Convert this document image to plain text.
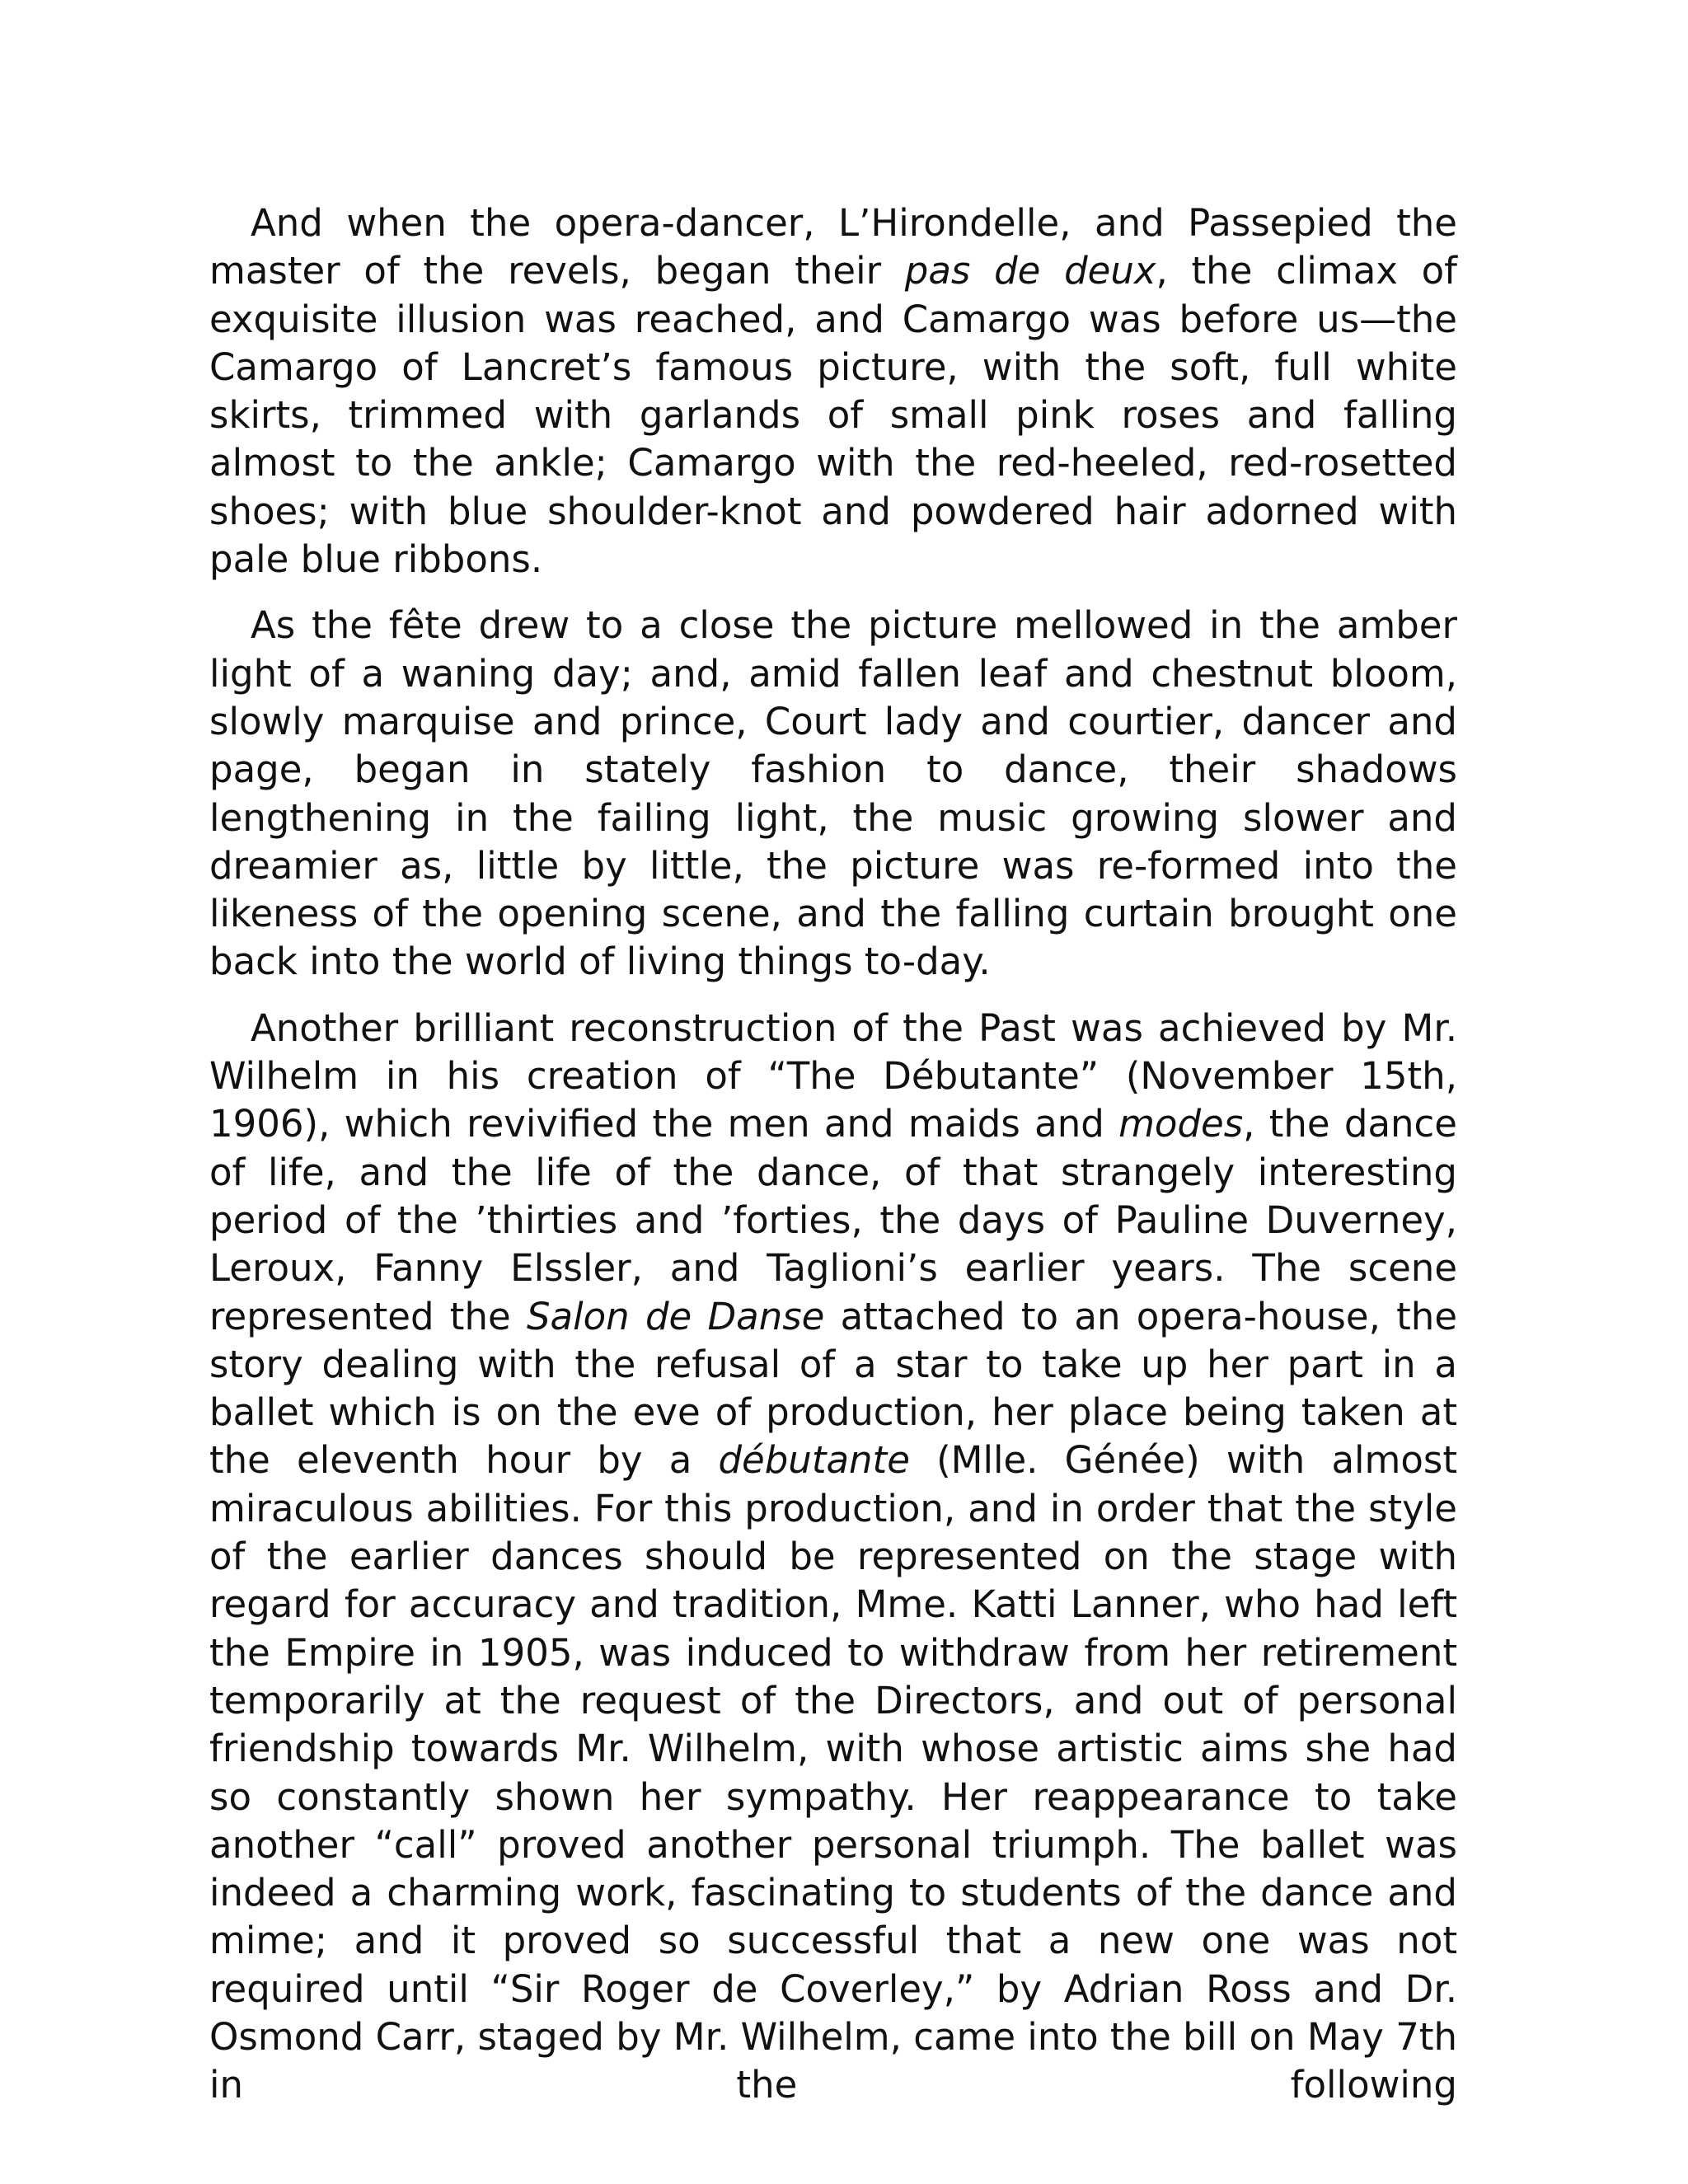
And when the opera-dancer, L’Hirondelle, and Passepied the master of the revels, began their pas de deux, the climax of exquisite illusion was reached, and Camargo was before us—the Camargo of Lancret’s famous picture, with the soft, full white skirts, trimmed with garlands of small pink roses and falling almost to the ankle; Camargo with the red-heeled, red-rosetted shoes; with blue shoulder-knot and powdered hair adorned with pale blue ribbons.

As the fête drew to a close the picture mellowed in the amber light of a waning day; and, amid fallen leaf and chestnut bloom, slowly marquise and prince, Court lady and courtier, dancer and page, began in stately fashion to dance, their shadows lengthening in the failing light, the music growing slower and dreamier as, little by little, the picture was re-formed into the likeness of the opening scene, and the falling curtain brought one back into the world of living things to-day.

Another brilliant reconstruction of the Past was achieved by Mr. Wilhelm in his creation of “The Débutante” (November 15th, 1906), which revivified the men and maids and modes, the dance of life, and the life of the dance, of that strangely interesting period of the ’thirties and ’forties, the days of Pauline Duverney, Leroux, Fanny Elssler, and Taglioni’s earlier years. The scene represented the Salon de Danse attached to an opera-house, the story dealing with the refusal of a star to take up her part in a ballet which is on the eve of production, her place being taken at the eleventh hour by a débutante (Mlle. Génée) with almost miraculous abilities. For this production, and in order that the style of the earlier dances should be represented on the stage with regard for accuracy and tradition, Mme. Katti Lanner, who had left the Empire in 1905, was induced to withdraw from her retirement temporarily at the request of the Directors, and out of personal friendship towards Mr. Wilhelm, with whose artistic aims she had so constantly shown her sympathy. Her reappearance to take another “call” proved another personal triumph. The ballet was indeed a charming work, fascinating to students of the dance and mime; and it proved so successful that a new one was not required until “Sir Roger de Coverley,” by Adrian Ross and Dr. Osmond Carr, staged by Mr. Wilhelm, came into the bill on May 7th in the following
